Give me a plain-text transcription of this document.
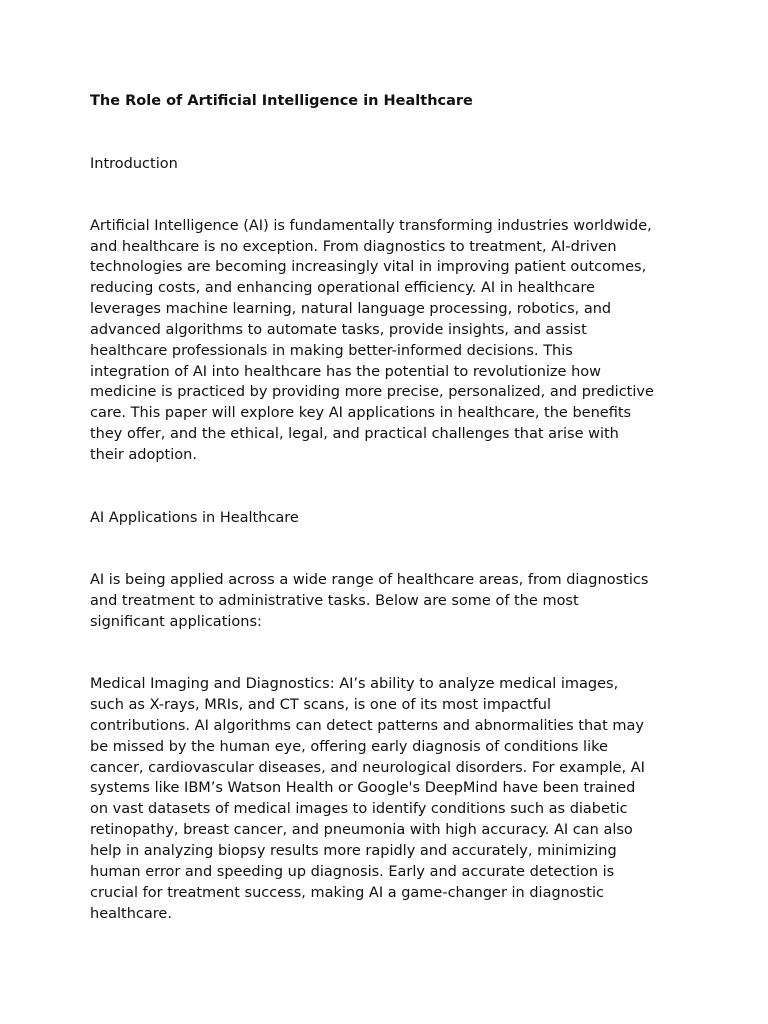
The Role of Artificial Intelligence in Healthcare
Introduction
Artificial Intelligence (AI) is fundamentally transforming industries worldwide,
and healthcare is no exception. From diagnostics to treatment, AI-driven
technologies are becoming increasingly vital in improving patient outcomes,
reducing costs, and enhancing operational efficiency. AI in healthcare
leverages machine learning, natural language processing, robotics, and
advanced algorithms to automate tasks, provide insights, and assist
healthcare professionals in making better-informed decisions. This
integration of AI into healthcare has the potential to revolutionize how
medicine is practiced by providing more precise, personalized, and predictive
care. This paper will explore key AI applications in healthcare, the benefits
they offer, and the ethical, legal, and practical challenges that arise with
their adoption.
AI Applications in Healthcare
AI is being applied across a wide range of healthcare areas, from diagnostics
and treatment to administrative tasks. Below are some of the most
significant applications:
Medical Imaging and Diagnostics: AI’s ability to analyze medical images,
such as X-rays, MRIs, and CT scans, is one of its most impactful
contributions. AI algorithms can detect patterns and abnormalities that may
be missed by the human eye, offering early diagnosis of conditions like
cancer, cardiovascular diseases, and neurological disorders. For example, AI
systems like IBM’s Watson Health or Google's DeepMind have been trained
on vast datasets of medical images to identify conditions such as diabetic
retinopathy, breast cancer, and pneumonia with high accuracy. AI can also
help in analyzing biopsy results more rapidly and accurately, minimizing
human error and speeding up diagnosis. Early and accurate detection is
crucial for treatment success, making AI a game-changer in diagnostic
healthcare.
